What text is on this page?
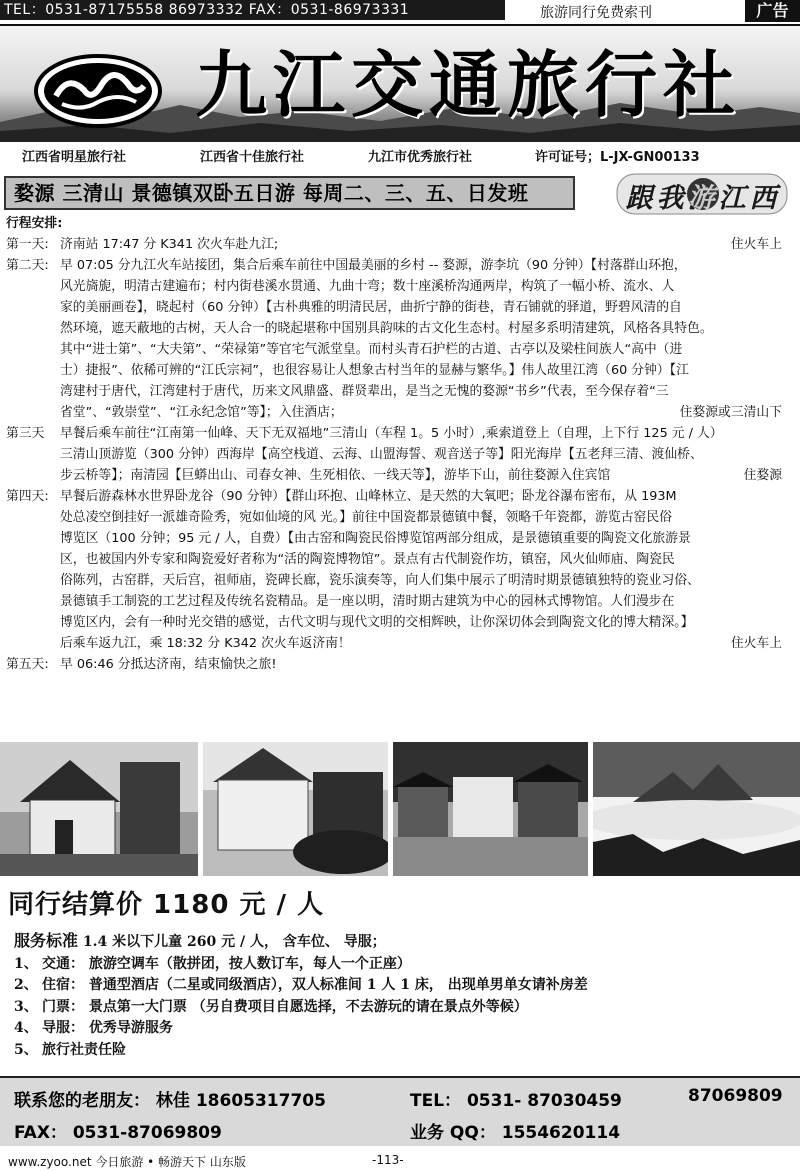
TEL：0531-87175558 86973332 FAX：0531-86973331	旅游同行免费索刊	广告
九江交通旅行社
江西省明星旅行社	江西省十佳旅行社	九江市优秀旅行社	许可证号；L-JX-GN00133
婺源 三清山 景德镇双卧五日游 每周二、三、五、日发班	跟我游江西
行程安排:
第一天: 济南站 17:47 分 K341 次火车赴九江;	住火车上
第二天: 早 07:05 分九江火车站接团，集合后乘车前往中国最美丽的乡村 -- 婺源，游李坑（90 分钟）【村落群山环抱，
风光旖旎，明清古建遍布；村内街巷溪水贯通、九曲十弯；数十座溪桥沟通两岸，构筑了一幅小桥、流水、人
家的美丽画卷】，晓起村（60 分钟）【古朴典雅的明清民居，曲折宁静的街巷，青石铺就的驿道，野碧风清的自
然环境，遮天蔽地的古树，天人合一的晓起堪称中国别具韵味的古文化生态村。村屋多系明清建筑，风格各具特色。
其中“进士第”、“大夫第”、“荣禄第”等官宅气派堂皇。而村头青石护栏的古道、古亭以及梁柱间族人“高中（进
士）捷报”、依稀可辨的“江氏宗祠”，也很容易让人想象古村当年的显赫与繁华。】伟人故里江湾（60 分钟）【江
湾建村于唐代，江湾建村于唐代，历来文风鼎盛、群贤辈出，是当之无愧的婺源“书乡”代表，至今保存着“三
省堂”、“敦崇堂”、“江永纪念馆”等】；入住酒店；	住婺源或三清山下
第三天 早餐后乘车前往“江南第一仙峰、天下无双福地”三清山（车程 1。5 小时）,乘索道登上（自理，上下行 125 元 / 人）
三清山顶游览（300 分钟）西海岸【高空栈道、云海、山盟海誓、观音送子等】阳光海岸【五老拜三清、渡仙桥、
步云桥等】；南清园【巨蟒出山、司春女神、生死相依、一线天等】，游毕下山，前往婺源入住宾馆	住婺源
第四天: 早餐后游森林水世界卧龙谷（90 分钟）【群山环抱、山峰林立、是天然的大氧吧；卧龙谷瀑布密布，从 193M
处总凌空倒挂好一派雄奇险秀，宛如仙境的风 光。】前往中国瓷都景德镇中餐，领略千年瓷都，游览古窑民俗
博览区（100 分钟；95 元 / 人，自费）【由古窑和陶瓷民俗博览馆两部分组成，是景德镇重要的陶瓷文化旅游景
区，也被国内外专家和陶瓷爱好者称为“活的陶瓷博物馆”。景点有古代制瓷作坊，镇窑，风火仙师庙、陶瓷民
俗陈列，古窑群，天后宫，祖师庙，瓷碑长廊，瓷乐演奏等，向人们集中展示了明清时期景德镇独特的瓷业习俗、
景德镇手工制瓷的工艺过程及传统名瓷精品。是一座以明，清时期古建筑为中心的园林式博物馆。人们漫步在
博览区内，会有一种时光交错的感觉，古代文明与现代文明的交相辉映，让你深切体会到陶瓷文化的博大精深。】
后乘车返九江，乘 18:32 分 K342 次火车返济南！	住火车上
第五天: 早 06:46 分抵达济南，结束愉快之旅!
同行结算价 1180 元 / 人
服务标准 1.4 米以下儿童 260 元 / 人， 含车位、 导服；
1、 交通： 旅游空调车（散拼团，按人数订车，每人一个正座）
2、 住宿： 普通型酒店（二星或同级酒店），双人标准间 1 人 1 床， 出现单男单女请补房差
3、 门票： 景点第一大门票 （另自费项目自愿选择，不去游玩的请在景点外等候）
4、 导服： 优秀导游服务
5、 旅行社责任险
联系您的老朋友： 林佳 18605317705	TEL： 0531- 87030459	87069809
FAX： 0531-87069809	业务 QQ： 1554620114
www.zyoo.net 今日旅游 • 畅游天下 山东版	-113-
